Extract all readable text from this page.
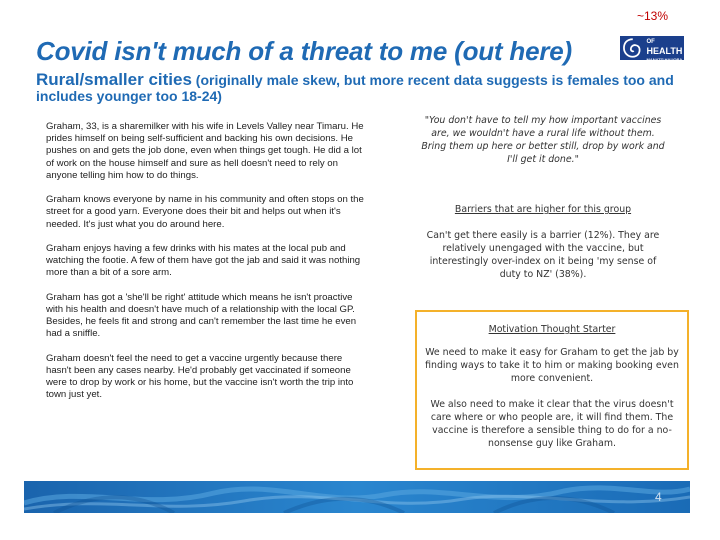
~13%
Covid isn't much of a threat to me (out here)
MINISTRY OF
HEALTH
MANATŪ HAUORA
Rural/smaller cities (originally male skew, but more recent data suggests is females too and includes younger too 18-24)

Graham, 33, is a sharemilker with his wife in Levels Valley near Timaru. He prides himself on being self-sufficient and backing his own decisions. He pushes on and gets the job done, even when things get tough. He did a lot of work on the house himself and sure as hell doesn't need to rely on anyone telling him how to do things.

Graham knows everyone by name in his community and often stops on the street for a good yarn. Everyone does their bit and helps out when it's needed. It's just what you do around here.

Graham enjoys having a few drinks with his mates at the local pub and watching the footie. A few of them have got the jab and said it was nothing more than a bit of a sore arm.

Graham has got a 'she'll be right' attitude which means he isn't proactive with his health and doesn't have much of a relationship with the local GP. Besides, he feels fit and strong and can't remember the last time he even had a sniffle.

Graham doesn't feel the need to get a vaccine urgently because there hasn't been any cases nearby. He'd probably get vaccinated if someone were to drop by work or his home, but the vaccine isn't worth the trip into town just yet.

"You don't have to tell my how important vaccines are, we wouldn't have a rural life without them. Bring them up here or better still, drop by work and I'll get it done."
Barriers that are higher for this group
Can't get there easily is a barrier (12%). They are relatively unengaged with the vaccine, but interestingly over-index on it being 'my sense of duty to NZ' (38%).
Motivation Thought Starter

We need to make it easy for Graham to get the jab by finding ways to take it to him or making booking even more convenient.

We also need to make it clear that the virus doesn't care where or who people are, it will find them. The vaccine is therefore a sensible thing to do for a no-nonsense guy like Graham.

4
